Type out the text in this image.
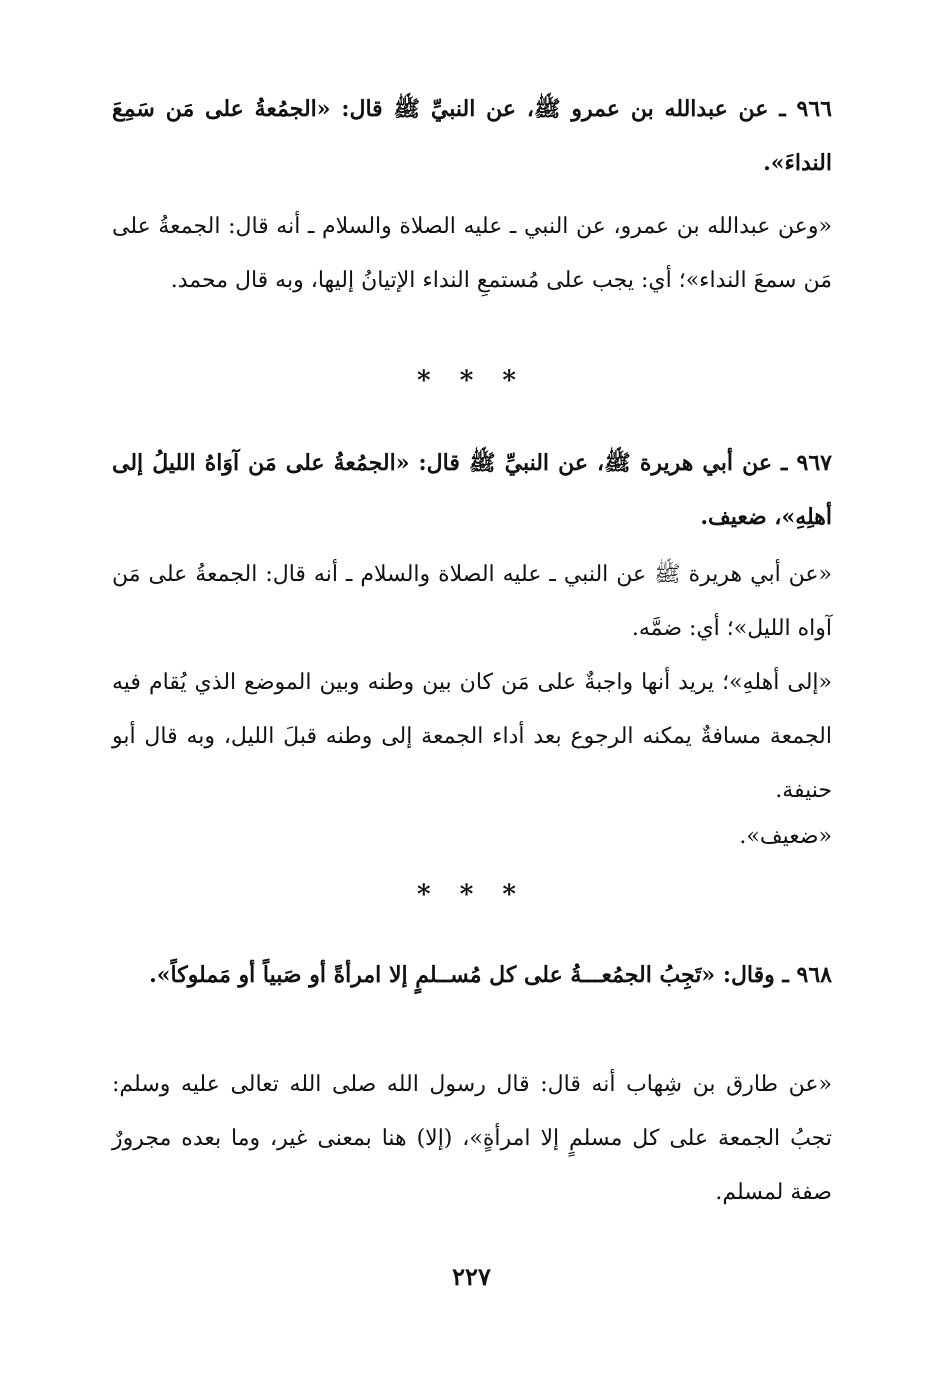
٩٦٦ ـ عن عبدالله بن عمرو ﷺ، عن النبيِّ ﷺ قال: «الجمُعةُ على مَن سَمِعَ النداءَ».

«وعن عبدالله بن عمرو، عن النبي ـ عليه الصلاة والسلام ـ أنه قال: الجمعةُ على مَن سمعَ النداء»؛ أي: يجب على مُستمعِ النداء الإتيانُ إليها، وبه قال محمد.

* * *

٩٦٧ ـ عن أبي هريرة ﷺ، عن النبيِّ ﷺ قال: «الجمُعةُ على مَن آوَاهُ الليلُ إلى أهلِهِ»، ضعيف.

«عن أبي هريرة ﷺ عن النبي ـ عليه الصلاة والسلام ـ أنه قال: الجمعةُ على مَن آواه الليل»؛ أي: ضمَّه.

«إلى أهلهِ»؛ يريد أنها واجبةٌ على مَن كان بين وطنه وبين الموضع الذي يُقام فيه الجمعة مسافةٌ يمكنه الرجوع بعد أداء الجمعة إلى وطنه قبلَ الليل، وبه قال أبو حنيفة.

«ضعيف».

* * *

٩٦٨ ـ وقال: «تَجِبُ الجمُعـــةُ على كل مُســلمٍ إلا امرأةً أو صَبياً أو مَملوكاً».

«عن طارق بن شِهاب أنه قال: قال رسول الله صلى الله تعالى عليه وسلم: تجبُ الجمعة على كل مسلمٍ إلا امرأةٍ»، (إلا) هنا بمعنى غير، وما بعده مجرورٌ صفة لمسلم.

٢٢٧
